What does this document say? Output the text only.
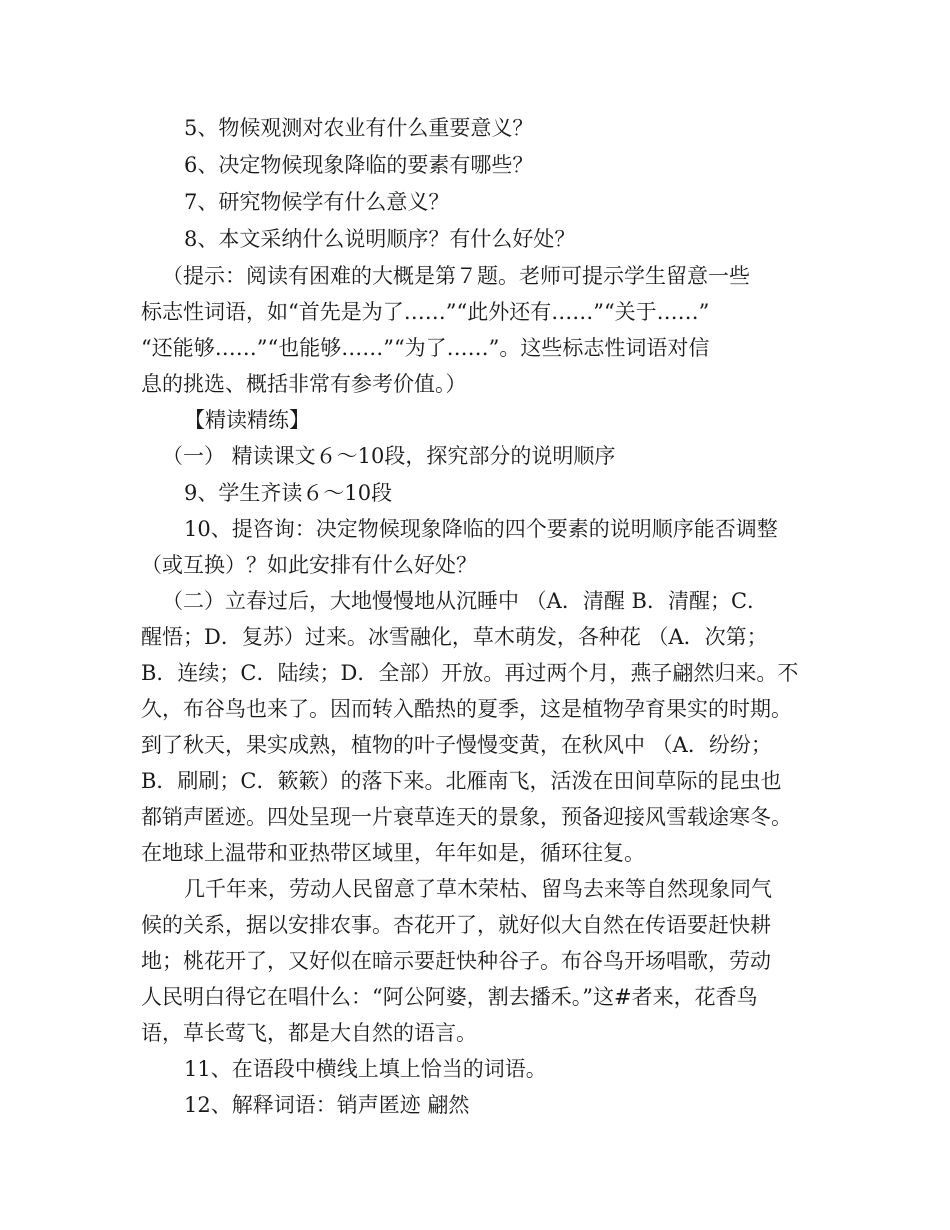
5、物候观测对农业有什么重要意义？
6、决定物候现象降临的要素有哪些？
7、研究物候学有什么意义？
8、本文采纳什么说明顺序？有什么好处？
（提示：阅读有困难的大概是第７题。老师可提示学生留意一些
标志性词语，如“首先是为了……”“此外还有……”“关于……”
“还能够……”“也能够……”“为了……”。这些标志性词语对信
息的挑选、概括非常有参考价值。）
【精读精练】
（一） 精读课文６～10段，探究部分的说明顺序
9、学生齐读６～10段
10、提咨询：决定物候现象降临的四个要素的说明顺序能否调整
（或互换）？如此安排有什么好处？
（二）立春过后，大地慢慢地从沉睡中 （A．清醒 B．清醒；C．
醒悟；D．复苏）过来。冰雪融化，草木萌发，各种花 （A．次第；
B．连续；C．陆续；D．全部）开放。再过两个月，燕子翩然归来。不
久，布谷鸟也来了。因而转入酷热的夏季，这是植物孕育果实的时期。
到了秋天，果实成熟，植物的叶子慢慢变黄，在秋风中 （A．纷纷；
B．刷刷；C．簌簌）的落下来。北雁南飞，活泼在田间草际的昆虫也
都销声匿迹。四处呈现一片衰草连天的景象，预备迎接风雪载途寒冬。
在地球上温带和亚热带区域里，年年如是，循环往复。
几千年来，劳动人民留意了草木荣枯、留鸟去来等自然现象同气
候的关系，据以安排农事。杏花开了，就好似大自然在传语要赶快耕
地；桃花开了，又好似在暗示要赶快种谷子。布谷鸟开场唱歌，劳动
人民明白得它在唱什么：“阿公阿婆，割去播禾。”这#者来，花香鸟
语，草长莺飞，都是大自然的语言。
11、在语段中横线上填上恰当的词语。
12、解释词语：销声匿迹 翩然
